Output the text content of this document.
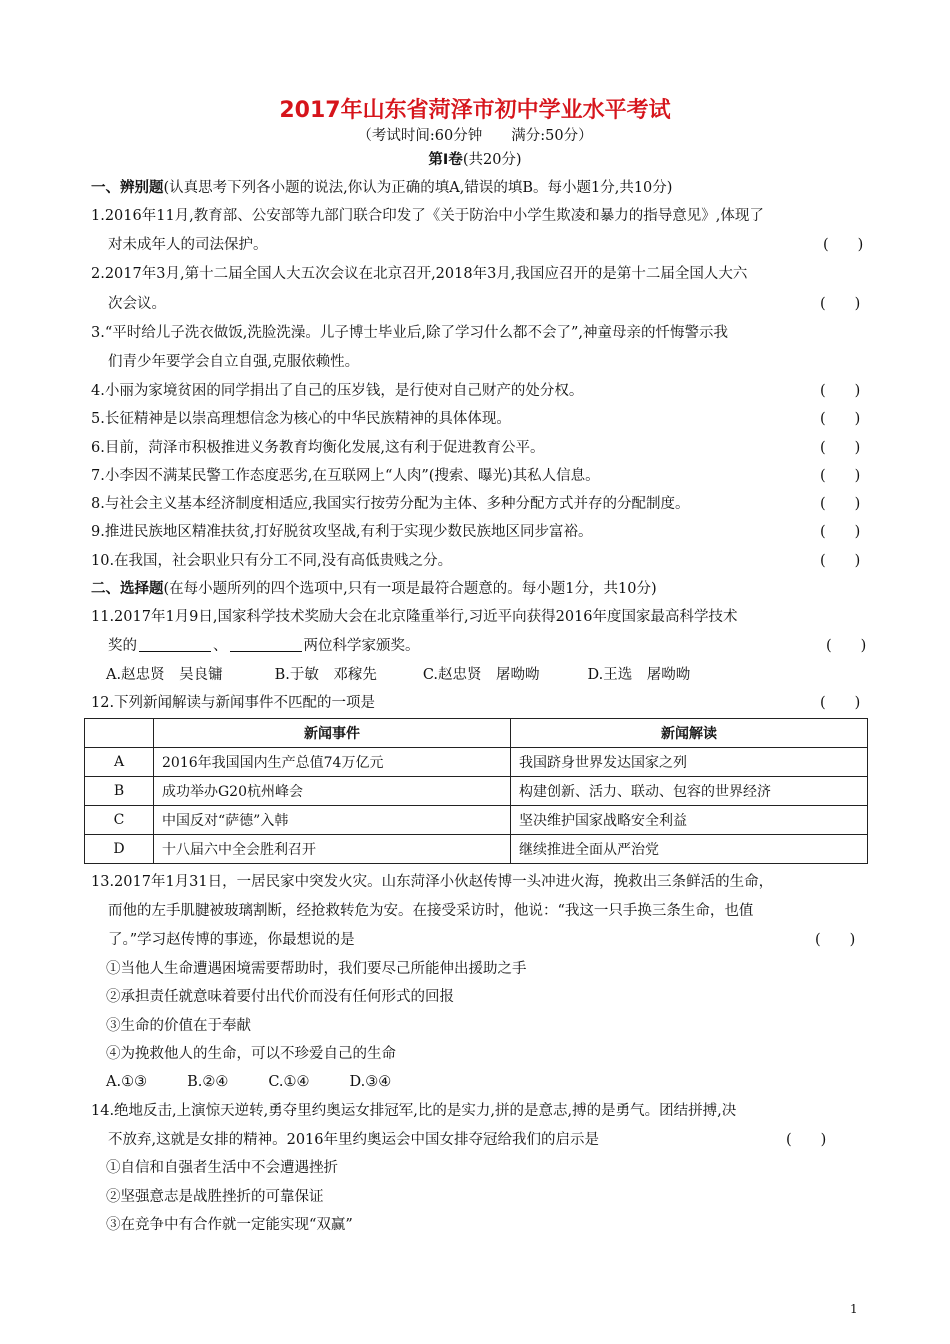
2017年山东省菏泽市初中学业水平考试
（考试时间:60分钟　　满分:50分）
第Ⅰ卷(共20分)
一、辨别题(认真思考下列各小题的说法,你认为正确的填A,错误的填B。每小题1分,共10分)
1.2016年11月,教育部、公安部等九部门联合印发了《关于防治中小学生欺凌和暴力的指导意见》,体现了
对未成年人的司法保护。	(　　)
2.2017年3月,第十二届全国人大五次会议在北京召开,2018年3月,我国应召开的是第十二届全国人大六
次会议。	(　　)
3.“平时给儿子洗衣做饭,洗脸洗澡。儿子博士毕业后,除了学习什么都不会了”,神童母亲的忏悔警示我
们青少年要学会自立自强,克服依赖性。
4.小丽为家境贫困的同学捐出了自己的压岁钱，是行使对自己财产的处分权。	(　　)
5.长征精神是以崇高理想信念为核心的中华民族精神的具体体现。	(　　)
6.目前，菏泽市积极推进义务教育均衡化发展,这有利于促进教育公平。	(　　)
7.小李因不满某民警工作态度恶劣,在互联网上“人肉”(搜索、曝光)其私人信息。	(　　)
8.与社会主义基本经济制度相适应,我国实行按劳分配为主体、多种分配方式并存的分配制度。	(　　)
9.推进民族地区精准扶贫,打好脱贫攻坚战,有利于实现少数民族地区同步富裕。	(　　)
10.在我国，社会职业只有分工不同,没有高低贵贱之分。	(　　)
二、选择题(在每小题所列的四个选项中,只有一项是最符合题意的。每小题1分，共10分)
11.2017年1月9日,国家科学技术奖励大会在北京隆重举行,习近平向获得2016年度国家最高科学技术
奖的	、	两位科学家颁奖。	(　　)
A.赵忠贤　吴良镛	B.于敏　邓稼先	C.赵忠贤　屠呦呦	D.王选　屠呦呦
12.下列新闻解读与新闻事件不匹配的一项是	(　　)
	新闻事件	新闻解读
A	2016年我国国内生产总值74万亿元	我国跻身世界发达国家之列
B	成功举办G20杭州峰会	构建创新、活力、联动、包容的世界经济
C	中国反对“萨德”入韩	坚决维护国家战略安全利益
D	十八届六中全会胜利召开	继续推进全面从严治党
13.2017年1月31日，一居民家中突发火灾。山东菏泽小伙赵传博一头冲进火海，挽救出三条鲜活的生命，
而他的左手肌腱被玻璃割断，经抢救转危为安。在接受采访时，他说：“我这一只手换三条生命，也值
了。”学习赵传博的事迹，你最想说的是	(　　)
①当他人生命遭遇困境需要帮助时，我们要尽己所能伸出援助之手
②承担责任就意味着要付出代价而没有任何形式的回报
③生命的价值在于奉献
④为挽救他人的生命，可以不珍爱自己的生命
A.①③	B.②④	C.①④	D.③④
14.绝地反击,上演惊天逆转,勇夺里约奥运女排冠军,比的是实力,拼的是意志,搏的是勇气。团结拼搏,决
不放弃,这就是女排的精神。2016年里约奥运会中国女排夺冠给我们的启示是	(　　)
①自信和自强者生活中不会遭遇挫折
②坚强意志是战胜挫折的可靠保证
③在竞争中有合作就一定能实现“双赢”
1
